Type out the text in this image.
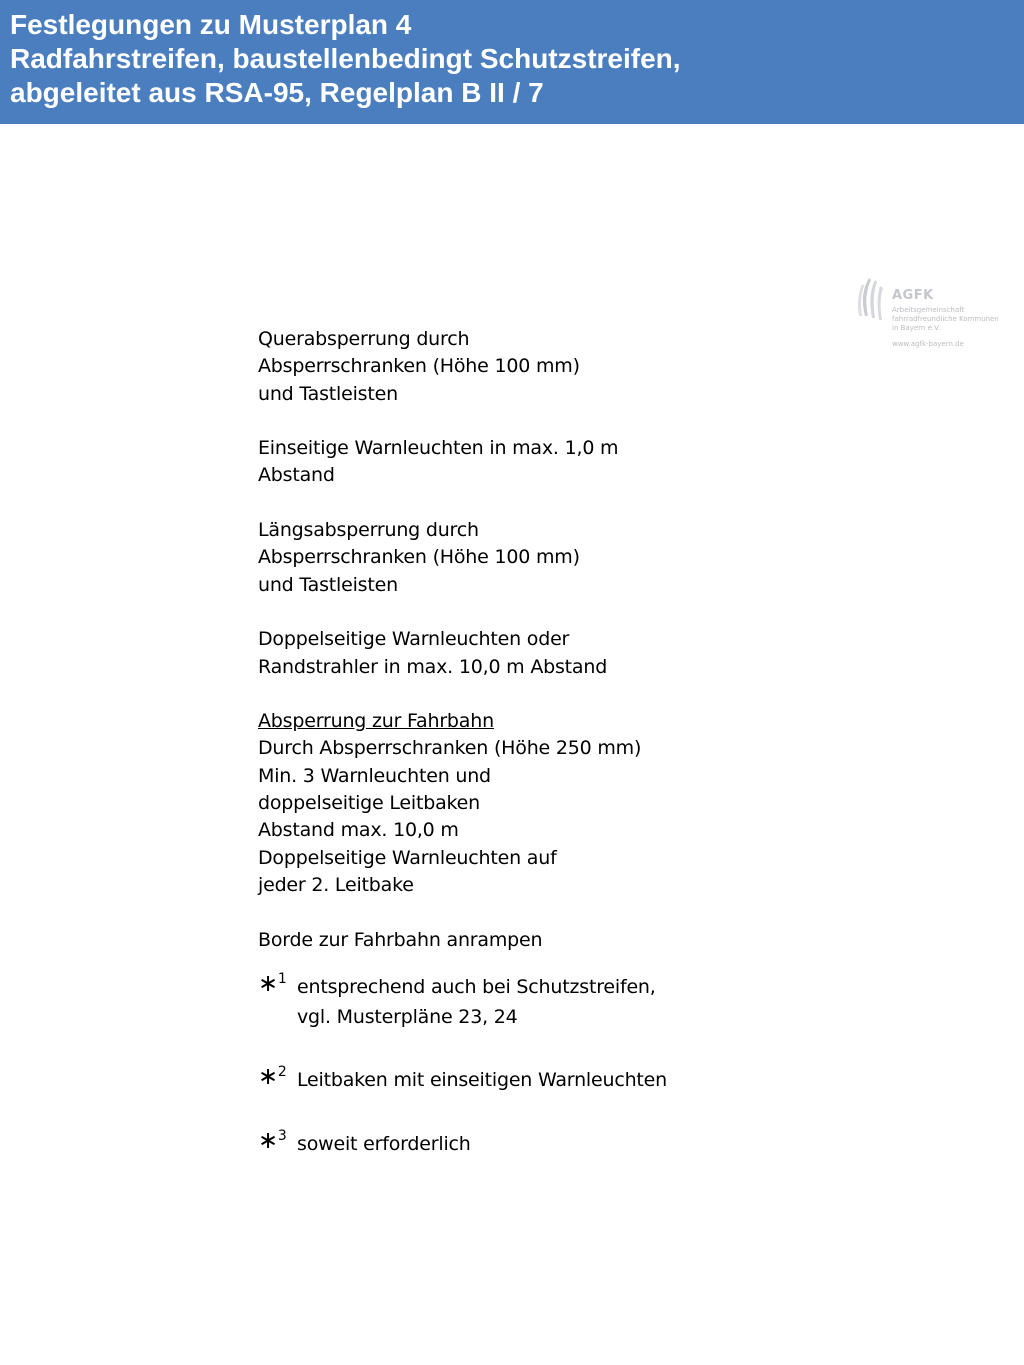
Festlegungen zu Musterplan 4
Radfahrstreifen, baustellenbedingt Schutzstreifen,
abgeleitet aus RSA-95, Regelplan B II / 7
AGFK
Arbeitsgemeinschaft
fahrradfreundliche Kommunen
in Bayern e.V.
www.agfk-bayern.de
Querabsperrung durch
Absperrschranken (Höhe 100 mm)
und Tastleisten
Einseitige Warnleuchten in max. 1,0 m
Abstand
Längsabsperrung durch
Absperrschranken (Höhe 100 mm)
und Tastleisten
Doppelseitige Warnleuchten oder
Randstrahler in max. 10,0 m Abstand
Absperrung zur Fahrbahn
Durch Absperrschranken (Höhe 250 mm)
Min. 3 Warnleuchten und
doppelseitige Leitbaken
Abstand max. 10,0 m
Doppelseitige Warnleuchten auf
jeder 2. Leitbake
Borde zur Fahrbahn anrampen
∗$^1$ entsprechend auch bei Schutzstreifen,
vgl. Musterpläne 23, 24
∗$^2$ Leitbaken mit einseitigen Warnleuchten
∗$^3$ soweit erforderlich
